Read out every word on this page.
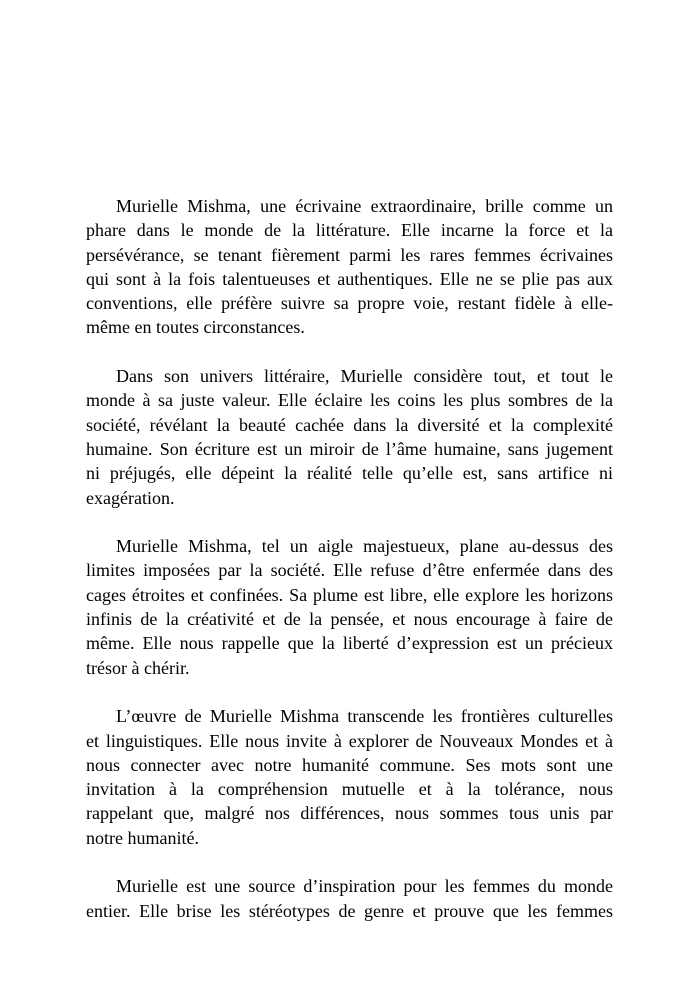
Murielle Mishma, une écrivaine extraordinaire, brille comme un
phare dans le monde de la littérature. Elle incarne la force et la
persévérance, se tenant fièrement parmi les rares femmes écrivaines
qui sont à la fois talentueuses et authentiques. Elle ne se plie pas aux
conventions, elle préfère suivre sa propre voie, restant fidèle à elle-
même en toutes circonstances.

Dans son univers littéraire, Murielle considère tout, et tout le
monde à sa juste valeur. Elle éclaire les coins les plus sombres de la
société, révélant la beauté cachée dans la diversité et la complexité
humaine. Son écriture est un miroir de l’âme humaine, sans jugement
ni préjugés, elle dépeint la réalité telle qu’elle est, sans artifice ni
exagération.

Murielle Mishma, tel un aigle majestueux, plane au-dessus des
limites imposées par la société. Elle refuse d’être enfermée dans des
cages étroites et confinées. Sa plume est libre, elle explore les horizons
infinis de la créativité et de la pensée, et nous encourage à faire de
même. Elle nous rappelle que la liberté d’expression est un précieux
trésor à chérir.

L’œuvre de Murielle Mishma transcende les frontières culturelles
et linguistiques. Elle nous invite à explorer de Nouveaux Mondes et à
nous connecter avec notre humanité commune. Ses mots sont une
invitation à la compréhension mutuelle et à la tolérance, nous
rappelant que, malgré nos différences, nous sommes tous unis par
notre humanité.

Murielle est une source d’inspiration pour les femmes du monde
entier. Elle brise les stéréotypes de genre et prouve que les femmes
